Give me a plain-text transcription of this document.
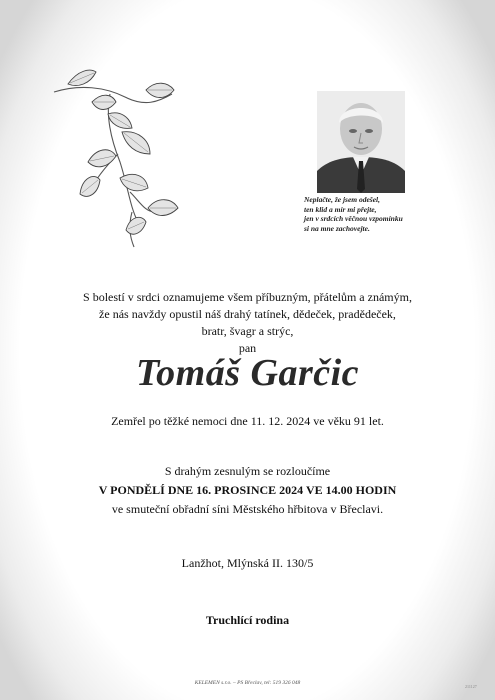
Neplačte, že jsem odešel,
ten klid a mír mi přejte,
jen v srdcích věčnou vzpomínku
si na mne zachovejte.
S bolestí v srdci oznamujeme všem příbuzným, přátelům a známým,
že nás navždy opustil náš drahý tatínek, dědeček, pradědeček,
bratr, švagr a strýc,
pan
Tomáš Garčic
Zemřel po těžké nemoci dne 11. 12. 2024 ve věku 91 let.
S drahým zesnulým se rozloučíme
V PONDĚLÍ DNE 16. PROSINCE 2024 VE 14.00 HODIN
ve smuteční obřadní síni Městského hřbitova v Břeclavi.
Lanžhot, Mlýnská II. 130/5
Truchlící rodina
KELEMEN s.r.o. – PS Břeclav, tel: 519 326 048
211127
